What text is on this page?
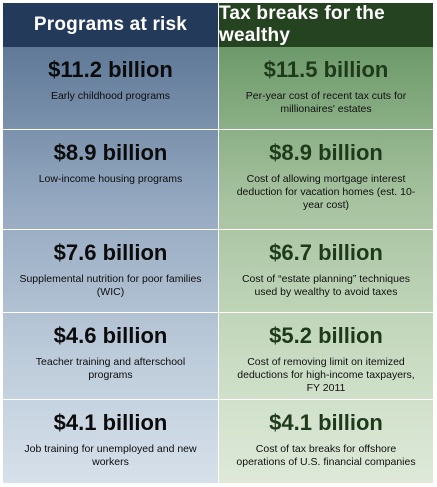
Programs at risk
Tax breaks for the wealthy
$11.2 billion
Early childhood programs
$11.5 billion
Per-year cost of recent tax cuts for millionaires' estates
$8.9 billion
Low-income housing programs
$8.9 billion
Cost of allowing mortgage interest deduction for vacation homes (est. 10-year cost)
$7.6 billion
Supplemental nutrition for poor families (WIC)
$6.7 billion
Cost of “estate planning” techniques used by wealthy to avoid taxes
$4.6 billion
Teacher training and afterschool programs
$5.2 billion
Cost of removing limit on itemized deductions for high-income taxpayers, FY 2011
$4.1 billion
Job training for unemployed and new workers
$4.1 billion
Cost of tax breaks for offshore operations of U.S. financial companies
